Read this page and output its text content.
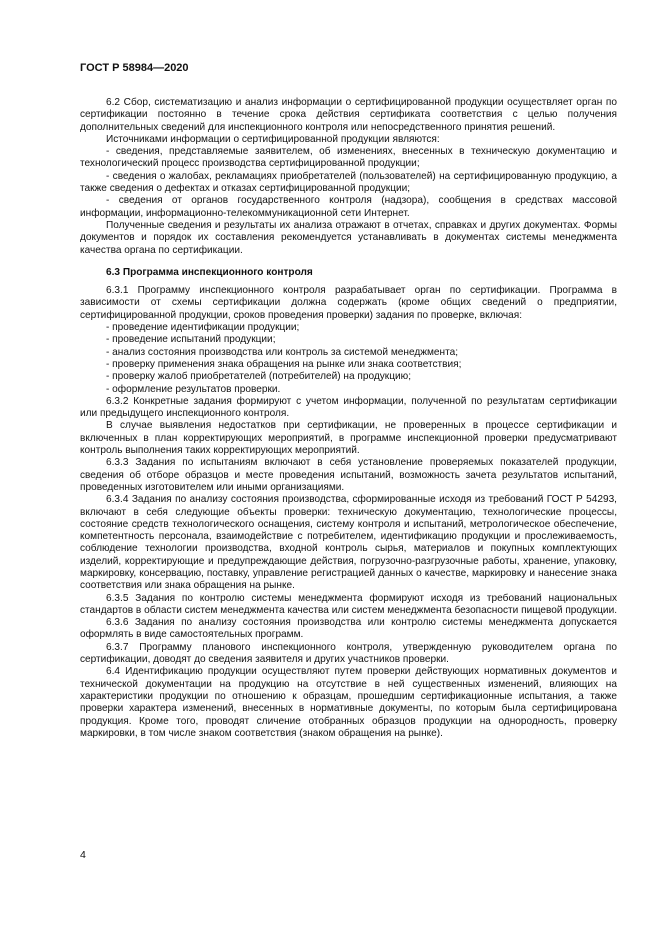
ГОСТ Р 58984—2020

6.2 Сбор, систематизацию и анализ информации о сертифицированной продукции осуществляет орган по сертификации постоянно в течение срока действия сертификата соответствия с целью получения дополнительных сведений для инспекционного контроля или непосредственного принятия решений.

Источниками информации о сертифицированной продукции являются:

- сведения, представляемые заявителем, об изменениях, внесенных в техническую документацию и технологический процесс производства сертифицированной продукции;

- сведения о жалобах, рекламациях приобретателей (пользователей) на сертифицированную продукцию, а также сведения о дефектах и отказах сертифицированной продукции;

- сведения от органов государственного контроля (надзора), сообщения в средствах массовой информации, информационно-телекоммуникационной сети Интернет.

Полученные сведения и результаты их анализа отражают в отчетах, справках и других документах. Формы документов и порядок их составления рекомендуется устанавливать в документах системы менеджмента качества органа по сертификации.

6.3 Программа инспекционного контроля

6.3.1 Программу инспекционного контроля разрабатывает орган по сертификации. Программа в зависимости от схемы сертификации должна содержать (кроме общих сведений о предприятии, сертифицированной продукции, сроков проведения проверки) задания по проверке, включая:

- проведение идентификации продукции;

- проведение испытаний продукции;

- анализ состояния производства или контроль за системой менеджмента;

- проверку применения знака обращения на рынке или знака соответствия;

- проверку жалоб приобретателей (потребителей) на продукцию;

- оформление результатов проверки.

6.3.2 Конкретные задания формируют с учетом информации, полученной по результатам сертификации или предыдущего инспекционного контроля.

В случае выявления недостатков при сертификации, не проверенных в процессе сертификации и включенных в план корректирующих мероприятий, в программе инспекционной проверки предусматривают контроль выполнения таких корректирующих мероприятий.

6.3.3 Задания по испытаниям включают в себя установление проверяемых показателей продукции, сведения об отборе образцов и месте проведения испытаний, возможность зачета результатов испытаний, проведенных изготовителем или иными организациями.

6.3.4 Задания по анализу состояния производства, сформированные исходя из требований ГОСТ Р 54293, включают в себя следующие объекты проверки: техническую документацию, технологические процессы, состояние средств технологического оснащения, систему контроля и испытаний, метрологическое обеспечение, компетентность персонала, взаимодействие с потребителем, идентификацию продукции и прослеживаемость, соблюдение технологии производства, входной контроль сырья, материалов и покупных комплектующих изделий, корректирующие и предупреждающие действия, погрузочно-разгрузочные работы, хранение, упаковку, маркировку, консервацию, поставку, управление регистрацией данных о качестве, маркировку и нанесение знака соответствия или знака обращения на рынке.

6.3.5 Задания по контролю системы менеджмента формируют исходя из требований национальных стандартов в области систем менеджмента качества или систем менеджмента безопасности пищевой продукции.

6.3.6 Задания по анализу состояния производства или контролю системы менеджмента допускается оформлять в виде самостоятельных программ.

6.3.7 Программу планового инспекционного контроля, утвержденную руководителем органа по сертификации, доводят до сведения заявителя и других участников проверки.

6.4 Идентификацию продукции осуществляют путем проверки действующих нормативных документов и технической документации на продукцию на отсутствие в ней существенных изменений, влияющих на характеристики продукции по отношению к образцам, прошедшим сертификационные испытания, а также проверки характера изменений, внесенных в нормативные документы, по которым была сертифицирована продукция. Кроме того, проводят сличение отобранных образцов продукции на однородность, проверку маркировки, в том числе знаком соответствия (знаком обращения на рынке).

4
